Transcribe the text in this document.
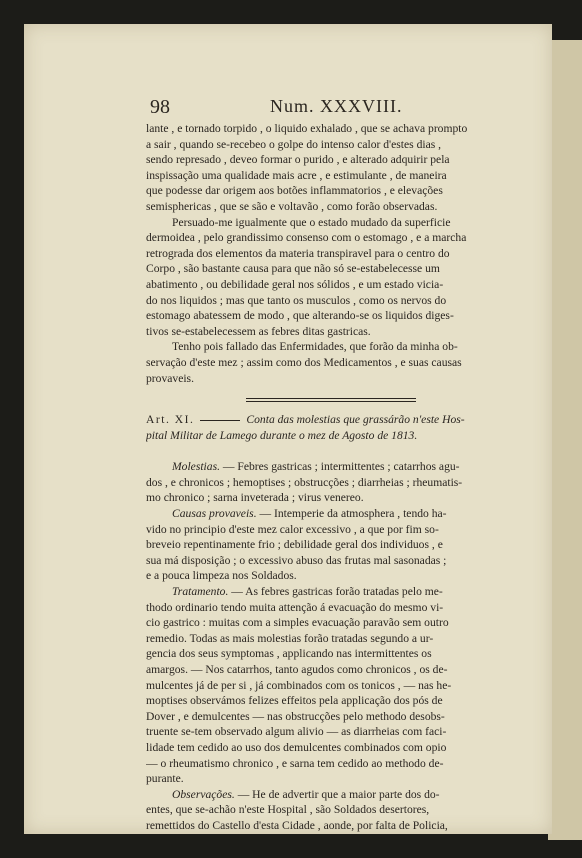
98	Num. XXXVIII.

lante , e tornado torpido , o liquido exhalado , que se achava prompto
a sair , quando se-recebeo o golpe do intenso calor d'estes dias ,
sendo represado , deveo formar o purido , e alterado adquirir pela
inspissação uma qualidade mais acre , e estimulante , de maneira
que podesse dar origem aos botões inflammatorios , e elevações
semisphericas , que se são e voltavão , como forão observadas.

Persuado-me igualmente que o estado mudado da superficie
dermoidea , pelo grandissimo consenso com o estomago , e a marcha
retrograda dos elementos da materia transpiravel para o centro do
Corpo , são bastante causa para que não só se-estabelecesse um
abatimento , ou debilidade geral nos sólidos , e um estado vicia-
do nos liquidos ; mas que tanto os musculos , como os nervos do
estomago abatessem de modo , que alterando-se os liquidos diges-
tivos se-estabelecessem as febres ditas gastricas.

Tenho pois fallado das Enfermidades, que forão da minha ob-
servação d'este mez ; assim como dos Medicamentos , e suas causas
provaveis.

Art. XI.	Conta das molestias que grassárão n'este Hos-
pital Militar de Lamego durante o mez de Agosto de 1813.

Molestias. — Febres gastricas ; intermittentes ; catarrhos agu-
dos , e chronicos ; hemoptises ; obstrucções ; diarrheias ; rheumatis-
mo chronico ; sarna inveterada ; virus venereo.

Causas provaveis. — Intemperie da atmosphera , tendo ha-
vido no principio d'este mez calor excessivo , a que por fim so-
breveio repentinamente frio ; debilidade geral dos individuos , e
sua má disposição ; o excessivo abuso das frutas mal sasonadas ;
e a pouca limpeza nos Soldados.

Tratamento. — As febres gastricas forão tratadas pelo me-
thodo ordinario tendo muita attenção á evacuação do mesmo vi-
cio gastrico : muitas com a simples evacuação paravão sem outro
remedio. Todas as mais molestias forão tratadas segundo a ur-
gencia dos seus symptomas , applicando nas intermittentes os
amargos. — Nos catarrhos, tanto agudos como chronicos , os de-
mulcentes já de per si , já combinados com os tonicos , — nas he-
moptises observámos felizes effeitos pela applicação dos pós de
Dover , e demulcentes — nas obstrucções pelo methodo desobs-
truente se-tem observado algum alivio — as diarrheias com faci-
lidade tem cedido ao uso dos demulcentes combinados com opio
— o rheumatismo chronico , e sarna tem cedido ao methodo de-
purante.

Observações. — He de advertir que a maior parte dos do-
entes, que se-achão n'este Hospital , são Soldados desertores,
remettidos do Castello d'esta Cidade , aonde, por falta de Policia,
